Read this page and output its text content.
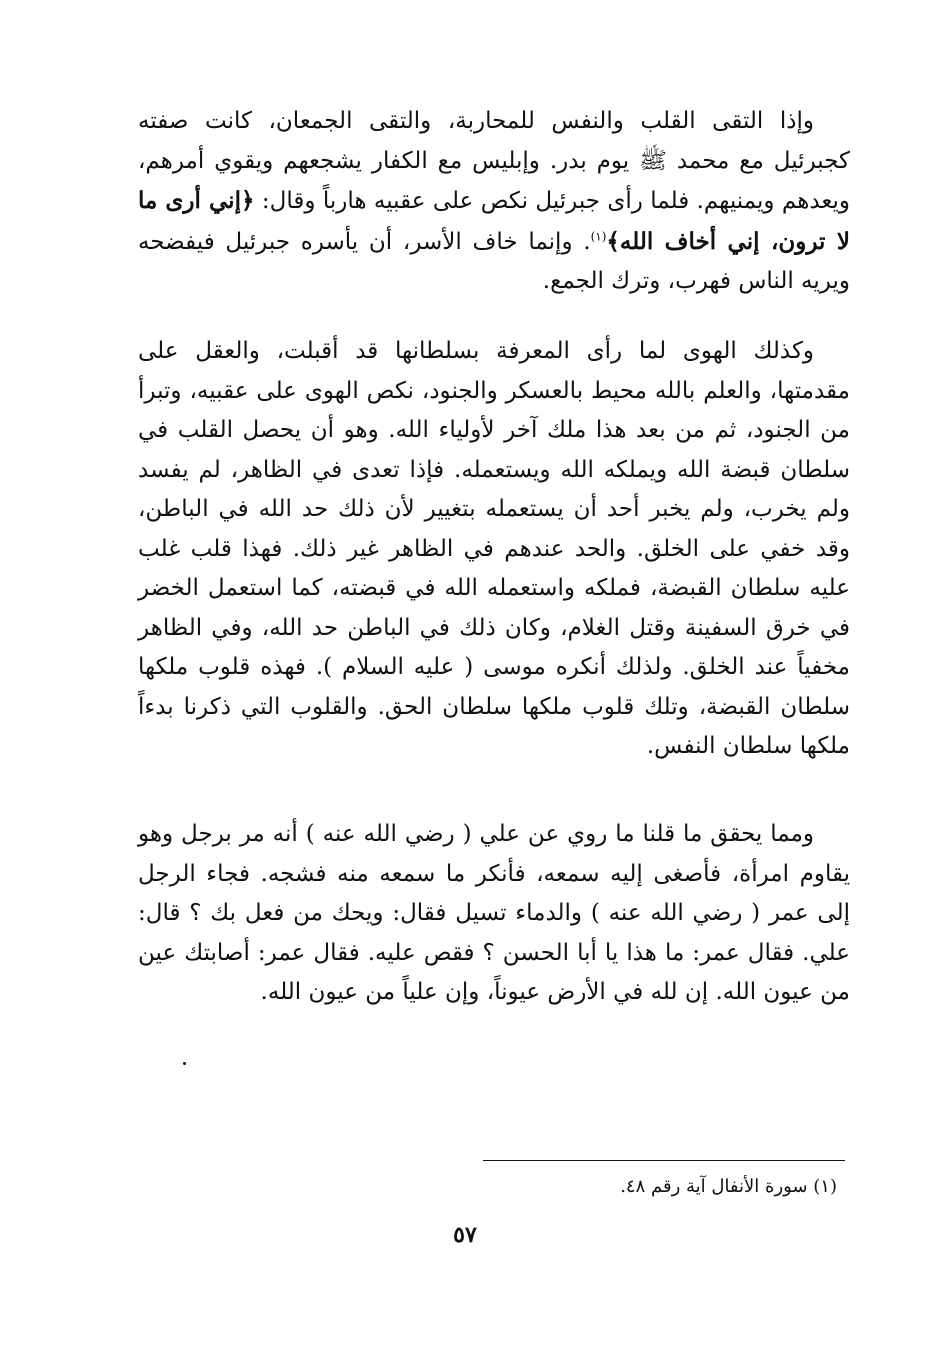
وإذا التقى القلب والنفس للمحاربة، والتقى الجمعان، كانت صفته كجبرئيل مع محمد ﷺ يوم بدر. وإبليس مع الكفار يشجعهم ويقوي أمرهم، ويعدهم ويمنيهم. فلما رأى جبرئيل نكص على عقبيه هارباً وقال: ﴿إني أرى ما لا ترون، إني أخاف الله﴾$^{(١)}$. وإنما خاف الأسر، أن يأسره جبرئيل فيفضحه ويريه الناس فهرب، وترك الجمع.

وكذلك الهوى لما رأى المعرفة بسلطانها قد أقبلت، والعقل على مقدمتها، والعلم بالله محيط بالعسكر والجنود، نكص الهوى على عقبيه، وتبرأ من الجنود، ثم من بعد هذا ملك آخر لأولياء الله. وهو أن يحصل القلب في سلطان قبضة الله ويملكه الله ويستعمله. فإذا تعدى في الظاهر، لم يفسد ولم يخرب، ولم يخبر أحد أن يستعمله بتغيير لأن ذلك حد الله في الباطن، وقد خفي على الخلق. والحد عندهم في الظاهر غير ذلك. فهذا قلب غلب عليه سلطان القبضة، فملكه واستعمله الله في قبضته، كما استعمل الخضر في خرق السفينة وقتل الغلام، وكان ذلك في الباطن حد الله، وفي الظاهر مخفياً عند الخلق. ولذلك أنكره موسى ( عليه السلام ). فهذه قلوب ملكها سلطان القبضة، وتلك قلوب ملكها سلطان الحق. والقلوب التي ذكرنا بدءاً ملكها سلطان النفس.

ومما يحقق ما قلنا ما روي عن علي ( رضي الله عنه ) أنه مر برجل وهو يقاوم امرأة، فأصغى إليه سمعه، فأنكر ما سمعه منه فشجه. فجاء الرجل إلى عمر ( رضي الله عنه ) والدماء تسيل فقال: ويحك من فعل بك ؟ قال: علي. فقال عمر: ما هذا يا أبا الحسن ؟ فقص عليه. فقال عمر: أصابتك عين من عيون الله. إن لله في الأرض عيوناً، وإن علياً من عيون الله.

(١) سورة الأنفال آية رقم ٤٨.
٥٧
